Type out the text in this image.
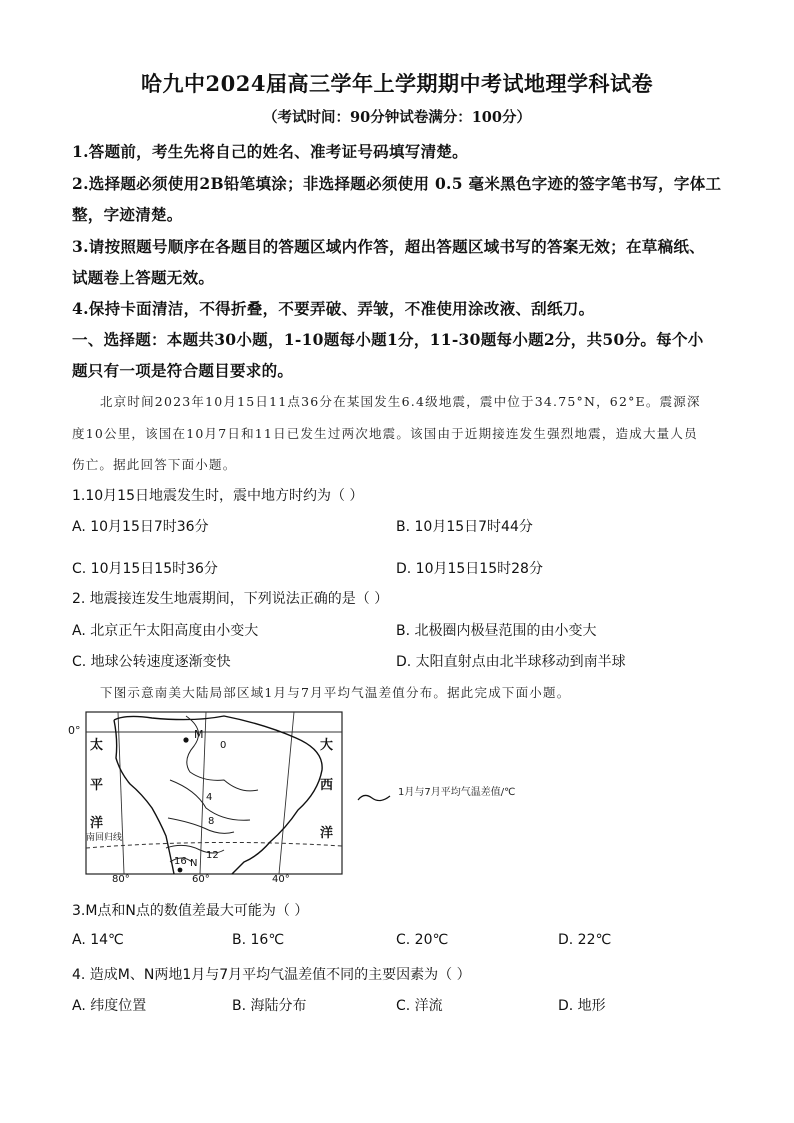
哈九中2024届高三学年上学期期中考试地理学科试卷
（考试时间：90分钟试卷满分：100分）
1.答题前，考生先将自己的姓名、准考证号码填写清楚。
2.选择题必须使用2B铅笔填涂；非选择题必须使用 0.5 毫米黑色字迹的签字笔书写，字体工
整，字迹清楚。
3.请按照题号顺序在各题目的答题区域内作答，超出答题区域书写的答案无效；在草稿纸、
试题卷上答题无效。
4.保持卡面清洁，不得折叠，不要弄破、弄皱，不准使用涂改液、刮纸刀。
一、选择题：本题共30小题，1-10题每小题1分，11-30题每小题2分，共50分。每个小
题只有一项是符合题目要求的。
北京时间2023年10月15日11点36分在某国发生6.4级地震，震中位于34.75°N，62°E。震源深
度10公里，该国在10月7日和11日已发生过两次地震。该国由于近期接连发生强烈地震，造成大量人员
伤亡。据此回答下面小题。
1.10月15日地震发生时，震中地方时约为（ ）
A. 10月15日7时36分	B. 10月15日7时44分
C. 10月15日15时36分	D. 10月15日15时28分
2. 地震接连发生地震期间，下列说法正确的是（ ）
A. 北京正午太阳高度由小变大	B. 北极圈内极昼范围的由小变大
C. 地球公转速度逐渐变快	D. 太阳直射点由北半球移动到南半球
下图示意南美大陆局部区域1月与7月平均气温差值分布。据此完成下面小题。
0°
太
平
洋
大
西
洋
南回归线
M
N
0
4
8
12
16
80°	60°	40°
1月与7月平均气温差值/℃
3.M点和N点的数值差最大可能为（ ）
A. 14℃	B. 16℃	C. 20℃	D. 22℃
4. 造成M、N两地1月与7月平均气温差值不同的主要因素为（ ）
A. 纬度位置	B. 海陆分布	C. 洋流	D. 地形
